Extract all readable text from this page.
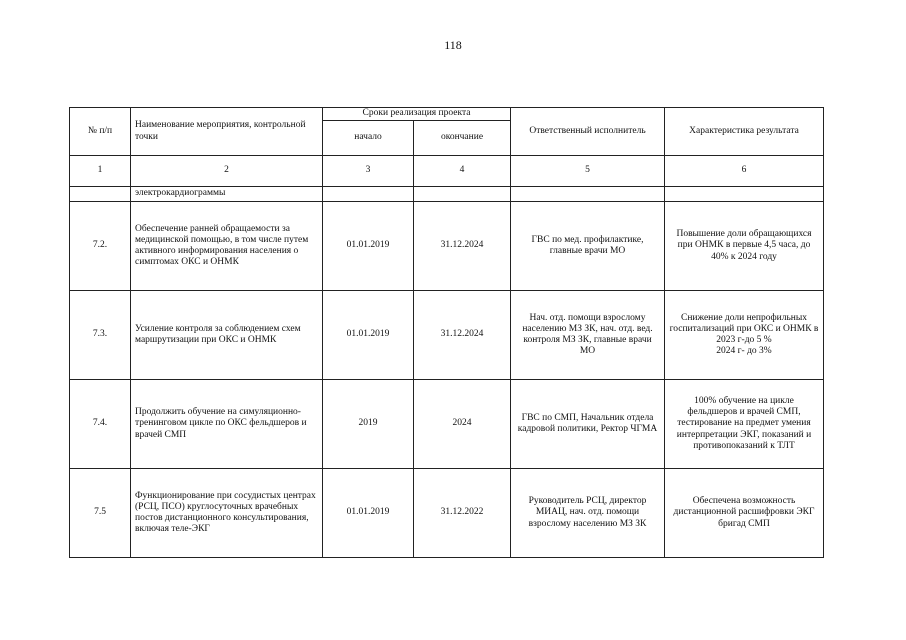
118
№ п/п	Наименование мероприятия, контрольной точки	Сроки реализация проекта		Ответственный исполнитель	Характеристика результата
		начало	окончание		
1	2	3	4	5	6
	электрокардиограммы				
7.2.	Обеспечение ранней обращаемости за медицинской помощью, в том числе путем активного информирования населения о симптомах ОКС и ОНМК	01.01.2019	31.12.2024	ГВС по мед. профилактике, главные врачи МО	Повышение доли обращающихся при ОНМК в первые 4,5 часа, до 40% к 2024 году
7.3.	Усиление контроля за соблюдением схем маршрутизации при ОКС и ОНМК	01.01.2019	31.12.2024	Нач. отд. помощи взрослому населению МЗ ЗК, нач. отд. вед. контроля МЗ ЗК, главные врачи МО	Снижение доли непрофильных госпитализаций при ОКС и ОНМК в
2023 г-до 5 %
2024 г- до 3%
7.4.	Продолжить обучение на симуляционно-тренинговом цикле по ОКС фельдшеров и врачей СМП	2019	2024	ГВС по СМП, Начальник отдела кадровой политики, Ректор ЧГМА	100% обучение на цикле фельдшеров и врачей СМП, тестирование на предмет умения интерпретации ЭКГ, показаний и противопоказаний к ТЛТ
7.5	Функционирование при сосудистых центрах (РСЦ, ПСО) круглосуточных врачебных постов дистанционного консультирования, включая теле-ЭКГ	01.01.2019	31.12.2022	Руководитель РСЦ, директор МИАЦ, нач. отд. помощи взрослому населению МЗ ЗК	Обеспечена возможность дистанционной расшифровки ЭКГ бригад СМП
